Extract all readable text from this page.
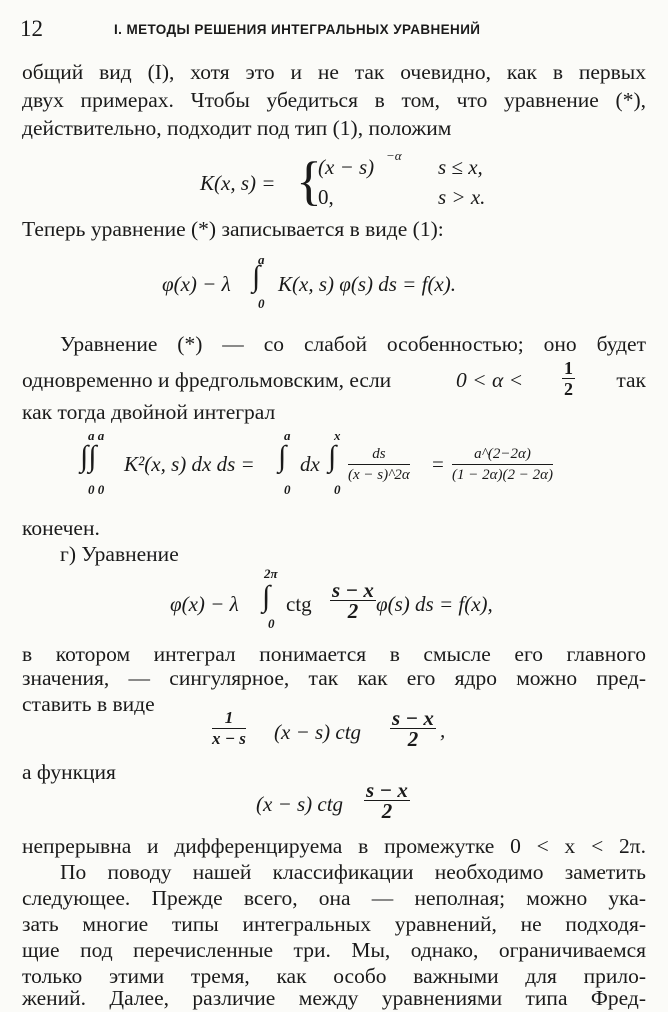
12	I. МЕТОДЫ РЕШЕНИЯ ИНТЕГРАЛЬНЫХ УРАВНЕНИЙ
общий вид (I), хотя это и не так очевидно, как в первых
двух примерах. Чтобы убедиться в том, что уравнение (*),
действительно, подходит под тип (1), положим
K(x, s) = {
(x − s) −α s ≤ x,
0,	s > x.
Теперь уравнение (*) записывается в виде (1):
a
φ(x) − λ ∫
0
K(x, s) φ(s) ds = f(x).
Уравнение (*) — со слабой особенностью; оно будет
одновременно и фредгольмовским, если	$0 < \alpha < \frac{1}{2}$ так
как тогда двойной интеграл
a a
∫∫
0 0
K²(x, s) dx ds =
a
∫
0
dx
x
∫
0
$\frac{ds}{(x - s)\^{}2\alpha} = \frac{a\^{}(2-2\alpha)}{(1 - 2\alpha)(2 - 2\alpha)}$
конечен.
г) Уравнение
2π
φ(x) − λ ∫
0
ctg $\frac{s - x}{2} \varphi(s)$ ds = f(x),
в котором интеграл понимается в смысле его главного
значения, — сингулярное, так как его ядро можно пред-
ставить в виде
$\frac{1}{x - s} (x - s)$ ctg $\frac{s - x}{2}$ ,
а функция
(x − s) ctg $\frac{s - x}{2}$
непрерывна и дифференцируема в промежутке 0 < x < 2π.
По поводу нашей классификации необходимо заметить
следующее. Прежде всего, она — неполная; можно ука-
зать многие типы интегральных уравнений, не подходя-
щие под перечисленные три. Мы, однако, ограничиваемся
только этими тремя, как особо важными для прило-
жений. Далее, различие между уравнениями типа Фред-
